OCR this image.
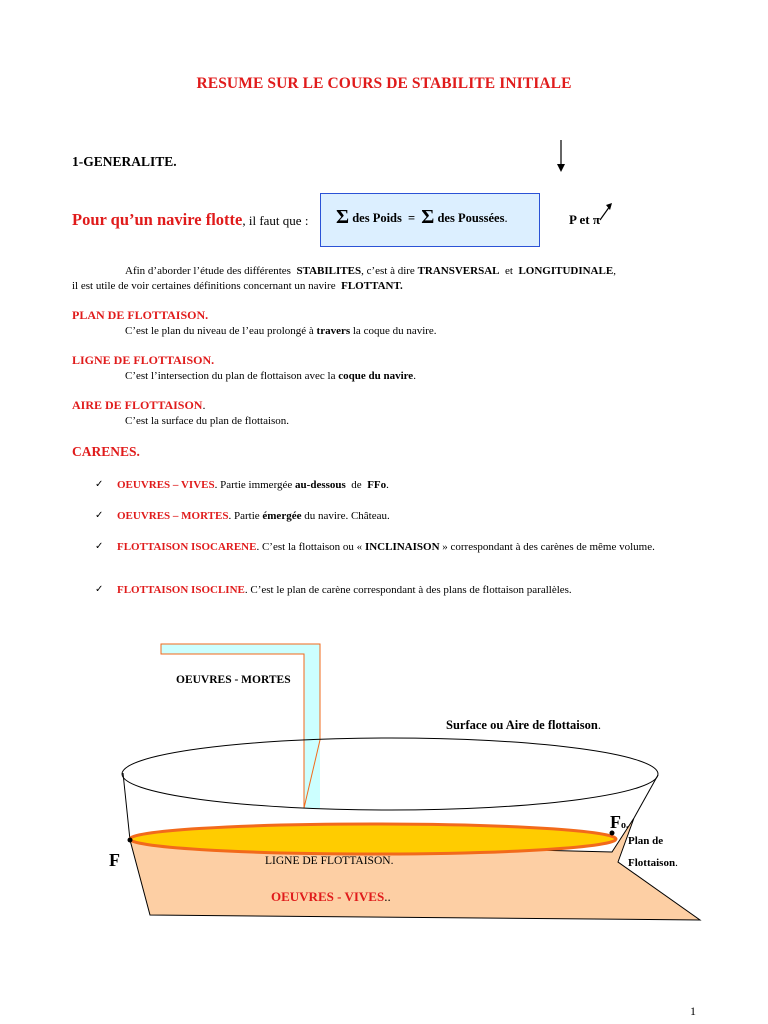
RESUME SUR LE COURS DE STABILITE INITIALE
1-GENERALITE.
Σ des Poids = Σ des Poussées.
Pour qu’un navire flotte, il faut que :	P et π
Afin d’aborder l’étude des différentes STABILITES, c’est à dire TRANSVERSAL et LONGITUDINALE,
il est utile de voir certaines définitions concernant un navire FLOTTANT.
PLAN DE FLOTTAISON.
C’est le plan du niveau de l’eau prolongé à travers la coque du navire.
LIGNE DE FLOTTAISON.
C’est l’intersection du plan de flottaison avec la coque du navire.
AIRE DE FLOTTAISON.
C’est la surface du plan de flottaison.
CARENES.
✓ OEUVRES – VIVES. Partie immergée au-dessous de FFo.
✓ OEUVRES – MORTES. Partie émergée du navire. Château.
✓ FLOTTAISON ISOCARENE. C’est la flottaison ou « INCLINAISON » correspondant à des carènes de même volume.
✓ FLOTTAISON ISOCLINE. C’est le plan de carène correspondant à des plans de flottaison parallèles.
OEUVRES - MORTES
Surface ou Aire de flottaison.
F
Fo.
Plan de
Flottaison.
LIGNE DE FLOTTAISON.
OEUVRES - VIVES..
1
